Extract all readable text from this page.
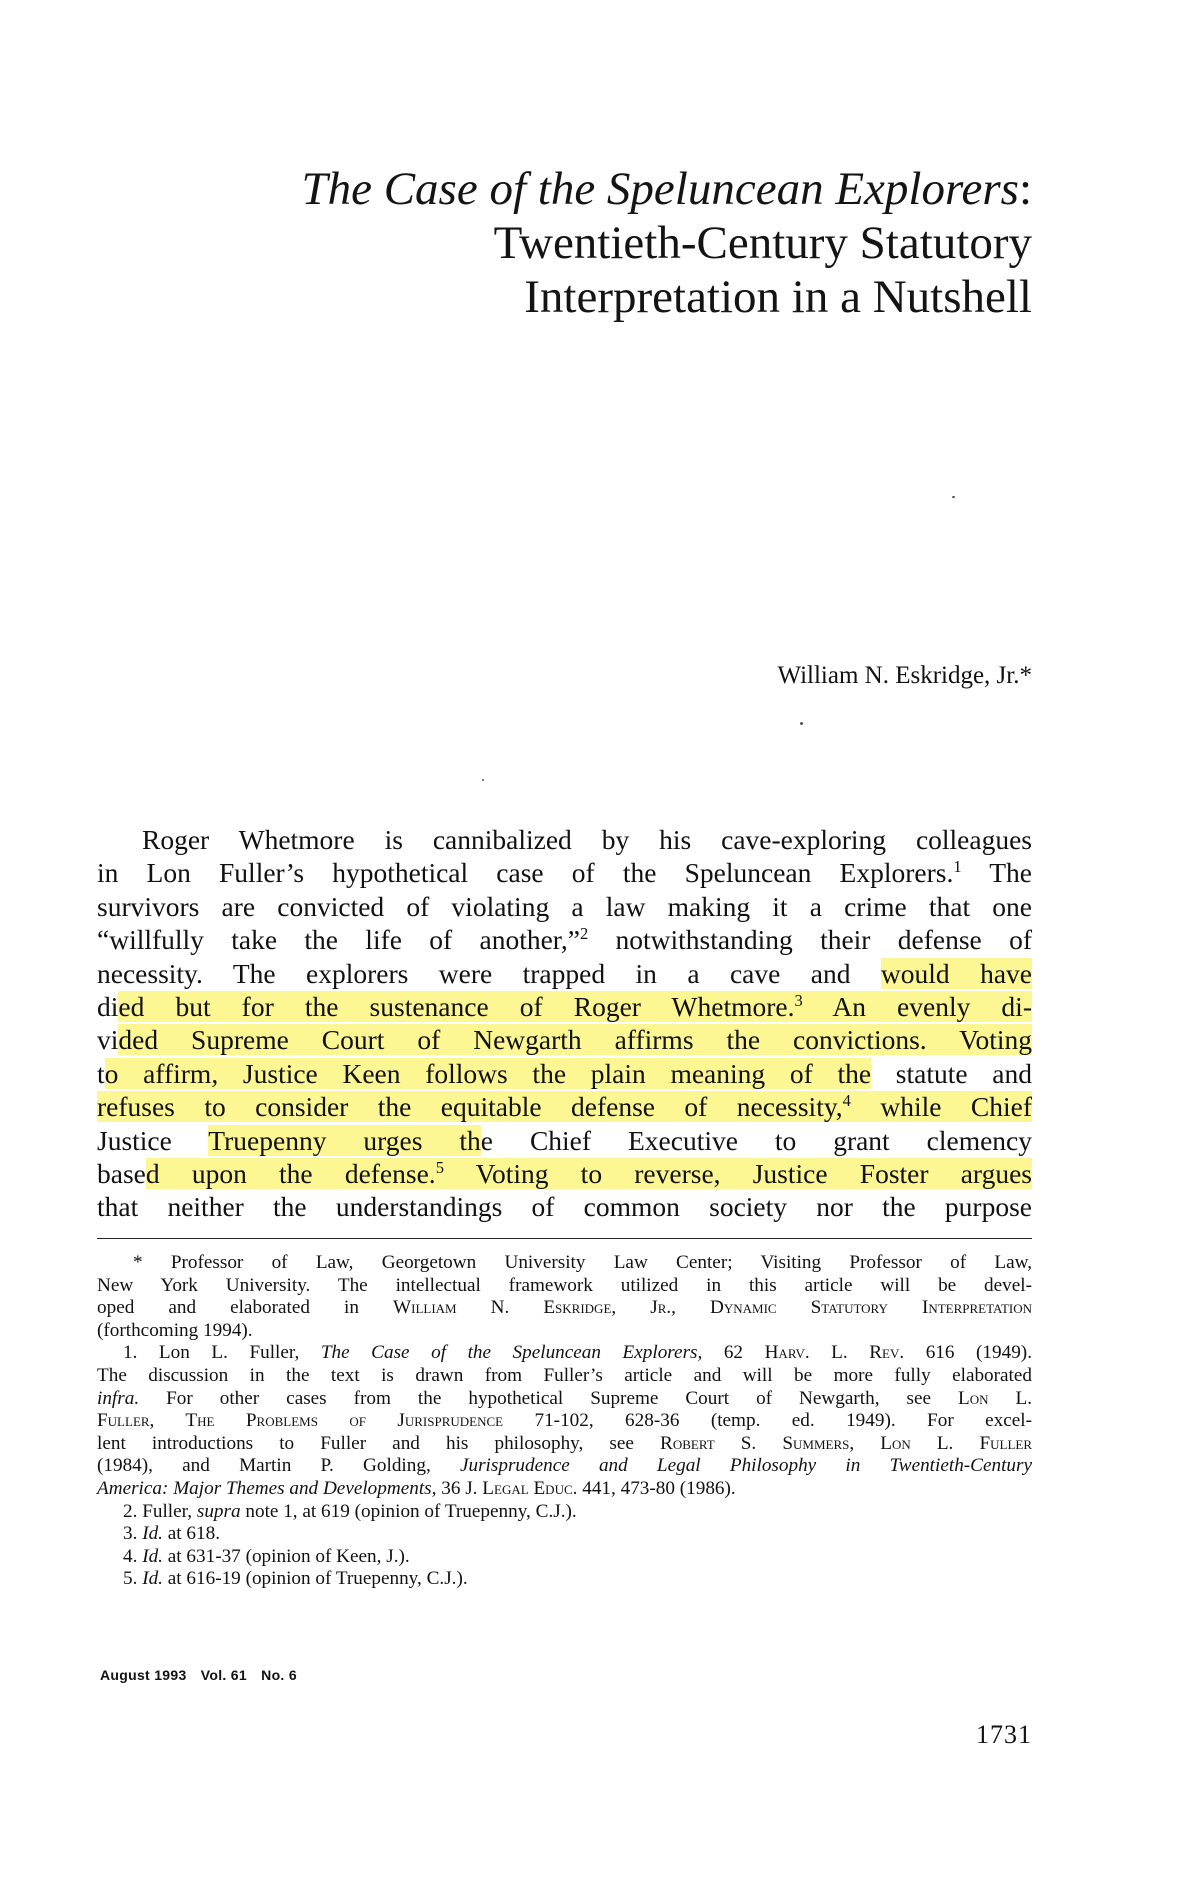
The Case of the Speluncean Explorers:
Twentieth-Century Statutory
Interpretation in a Nutshell
William N. Eskridge, Jr.*
Roger Whetmore is cannibalized by his cave-exploring colleagues
in Lon Fuller’s hypothetical case of the Speluncean Explorers.$^1$ The
survivors are convicted of violating a law making it a crime that one
“willfully take the life of another,”$^2$ notwithstanding their defense of
necessity. The explorers were trapped in a cave and would have
died but for the sustenance of Roger Whetmore.$^3$ An evenly di-
vided Supreme Court of Newgarth affirms the convictions. Voting
to affirm, Justice Keen follows the plain meaning of the statute and
refuses to consider the equitable defense of necessity,$^4$ while Chief
Justice Truepenny urges the Chief Executive to grant clemency
based upon the defense.$^5$ Voting to reverse, Justice Foster argues
that neither the understandings of common society nor the purpose
* Professor of Law, Georgetown University Law Center; Visiting Professor of Law,
New York University. The intellectual framework utilized in this article will be devel-
oped and elaborated in William N. Eskridge, Jr., Dynamic Statutory Interpretation
(forthcoming 1994).
1. Lon L. Fuller, The Case of the Speluncean Explorers, 62 Harv. L. Rev. 616 (1949).
The discussion in the text is drawn from Fuller’s article and will be more fully elaborated
infra. For other cases from the hypothetical Supreme Court of Newgarth, see Lon L.
Fuller, The Problems of Jurisprudence 71-102, 628-36 (temp. ed. 1949). For excel-
lent introductions to Fuller and his philosophy, see Robert S. Summers, Lon L. Fuller
(1984), and Martin P. Golding, Jurisprudence and Legal Philosophy in Twentieth-Century
America: Major Themes and Developments, 36 J. Legal Educ. 441, 473-80 (1986).
2. Fuller, supra note 1, at 619 (opinion of Truepenny, C.J.).
3. Id. at 618.
4. Id. at 631-37 (opinion of Keen, J.).
5. Id. at 616-19 (opinion of Truepenny, C.J.).
August 1993 Vol. 61 No. 6
1731
